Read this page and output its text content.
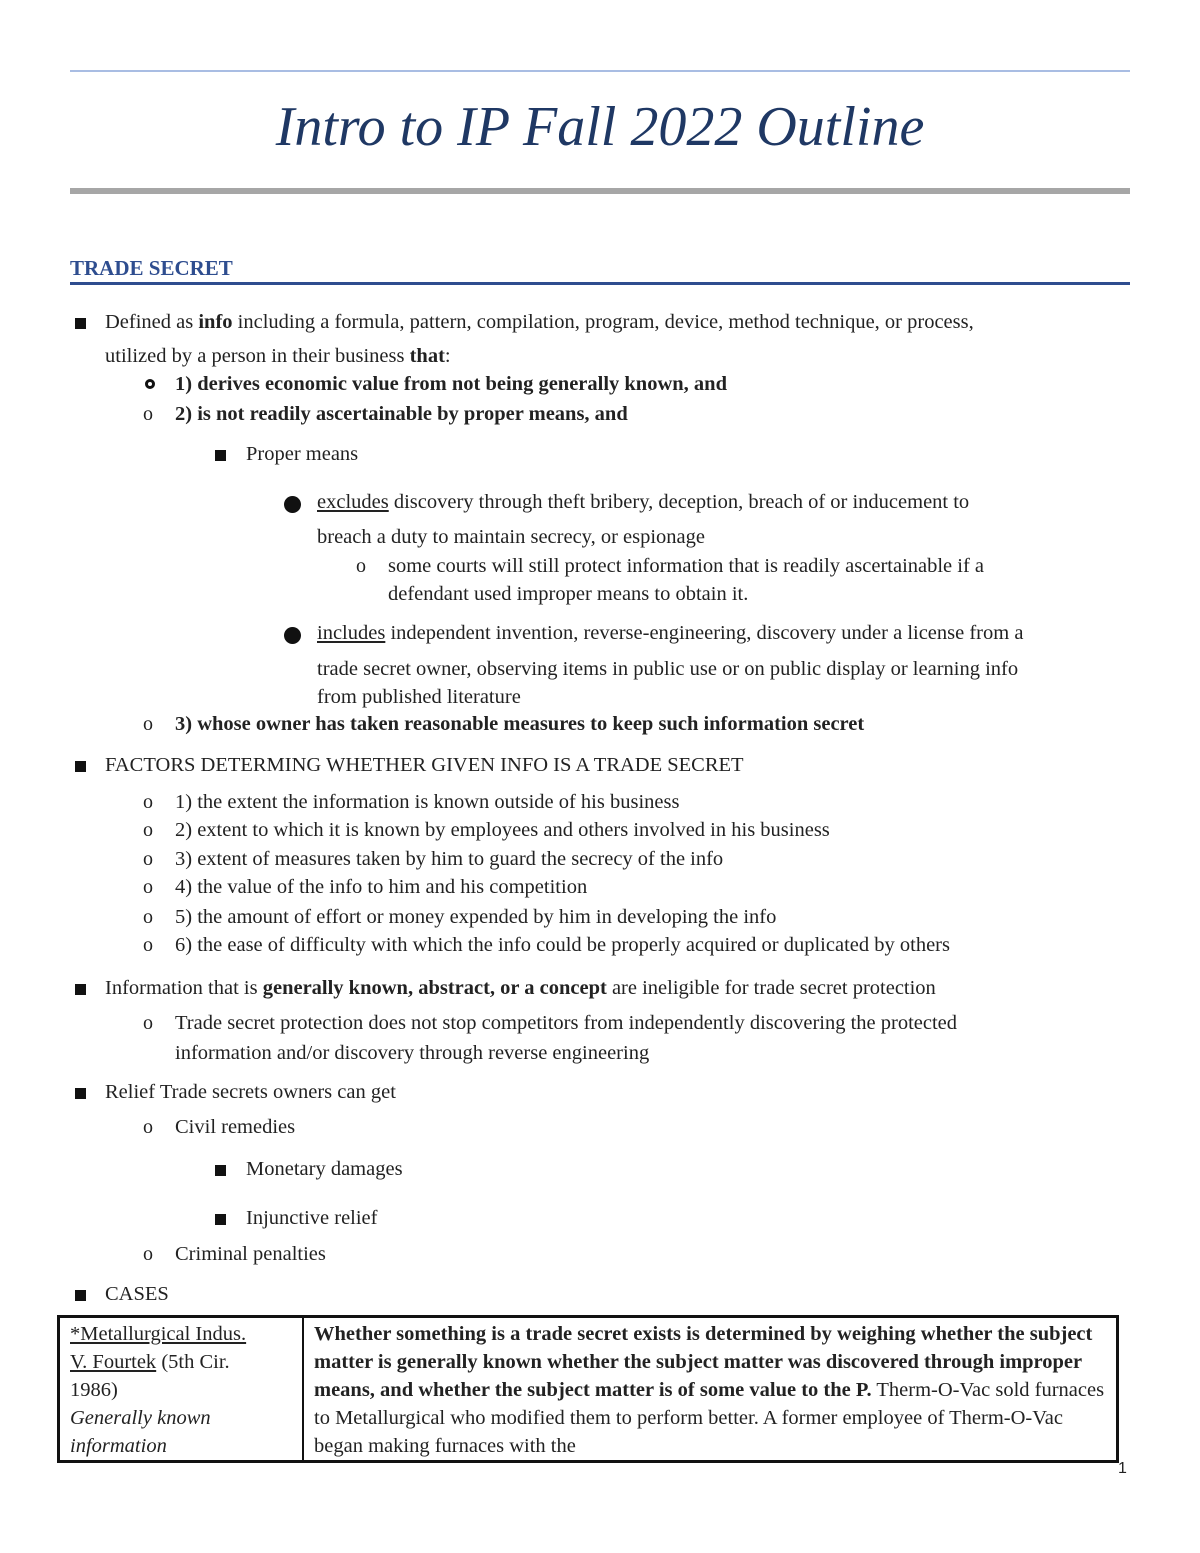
Intro to IP Fall 2022 Outline
TRADE SECRET

Defined as info including a formula, pattern, compilation, program, device, method technique, or process,

utilized by a person in their business that:

1) derives economic value from not being generally known, and

o 2) is not readily ascertainable by proper means, and

Proper means

excludes discovery through theft bribery, deception, breach of or inducement to

breach a duty to maintain secrecy, or espionage

o some courts will still protect information that is readily ascertainable if a

defendant used improper means to obtain it.

includes independent invention, reverse-engineering, discovery under a license from a

trade secret owner, observing items in public use or on public display or learning info

from published literature

o 3) whose owner has taken reasonable measures to keep such information secret

FACTORS DETERMING WHETHER GIVEN INFO IS A TRADE SECRET

o 1) the extent the information is known outside of his business

o 2) extent to which it is known by employees and others involved in his business

o 3) extent of measures taken by him to guard the secrecy of the info

o 4) the value of the info to him and his competition

o 5) the amount of effort or money expended by him in developing the info

o 6) the ease of difficulty with which the info could be properly acquired or duplicated by others

Information that is generally known, abstract, or a concept are ineligible for trade secret protection

o Trade secret protection does not stop competitors from independently discovering the protected

information and/or discovery through reverse engineering

Relief Trade secrets owners can get

o Civil remedies

Monetary damages

Injunctive relief

o Criminal penalties

CASES

*Metallurgical Indus.
V. Fourtek (5th Cir.
1986)
Generally known
information	Whether something is a trade secret exists is determined by weighing whether the subject matter is generally known whether the subject matter was discovered through improper means, and whether the subject matter is of some value to the P. Therm-O-Vac sold furnaces to Metallurgical who modified them to perform better. A former employee of Therm-O-Vac began making furnaces with the
1
